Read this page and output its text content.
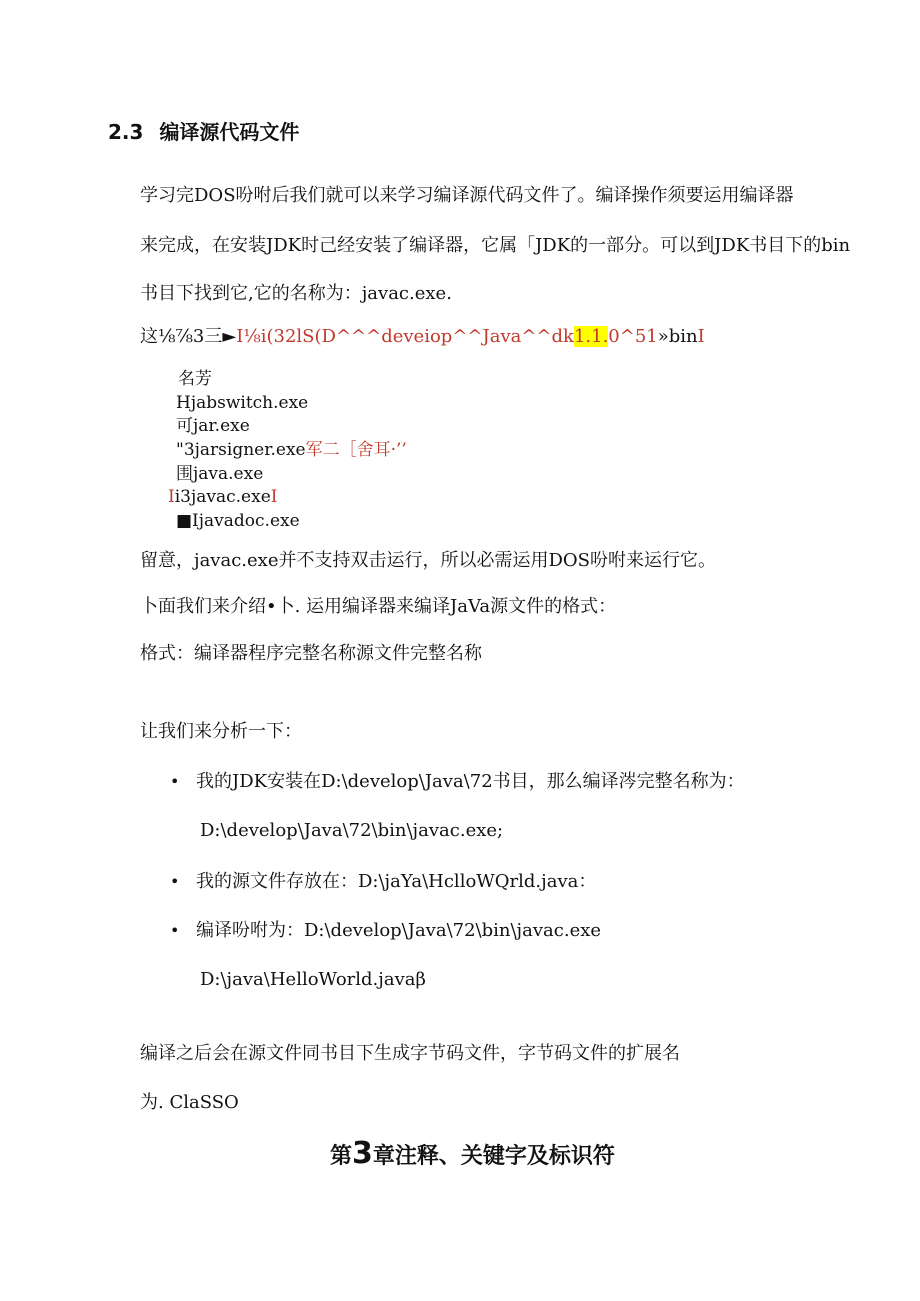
2.3 编译源代码文件
学习完DOS吩咐后我们就可以来学习编译源代码文件了。编译操作须要运用编译器
来完成，在安装JDK时己经安装了编译器，它属「JDK的一部分。可以到JDK书目下的bin
书目下找到它,它的名称为：javac.exe.
这⅛⅞3三►I⅛i(32lS(D^^^deveiop^^Java^^dk1.1.0^51»binI
名芳
Hjabswitch.exe
可jar.exe
"3jarsigner.exe军二［舍耳·’’
围java.exe
Ii3javac.exeI
■Ijavadoc.exe
留意，javac.exe并不支持双击运行，所以必需运用DOS吩咐来运行它。
卜面我们来介绍•卜. 运用编译器来编译JaVa源文件的格式：
格式：编译器程序完整名称源文件完整名称
让我们来分析一下：
• 我的JDK安装在D:\develop\Java\72书目，那么编译涔完整名称为：
D:\develop\Java\72\bin\javac.exe;
• 我的源文件存放在：D:\jaYa\HclloWQrld.java：
• 编译吩咐为：D:\develop\Java\72\bin\javac.exe
D:\java\HelloWorld.javaβ
编译之后会在源文件同书目下生成字节码文件，字节码文件的扩展名
为. ClaSSO
第3章注释、关键字及标识符
